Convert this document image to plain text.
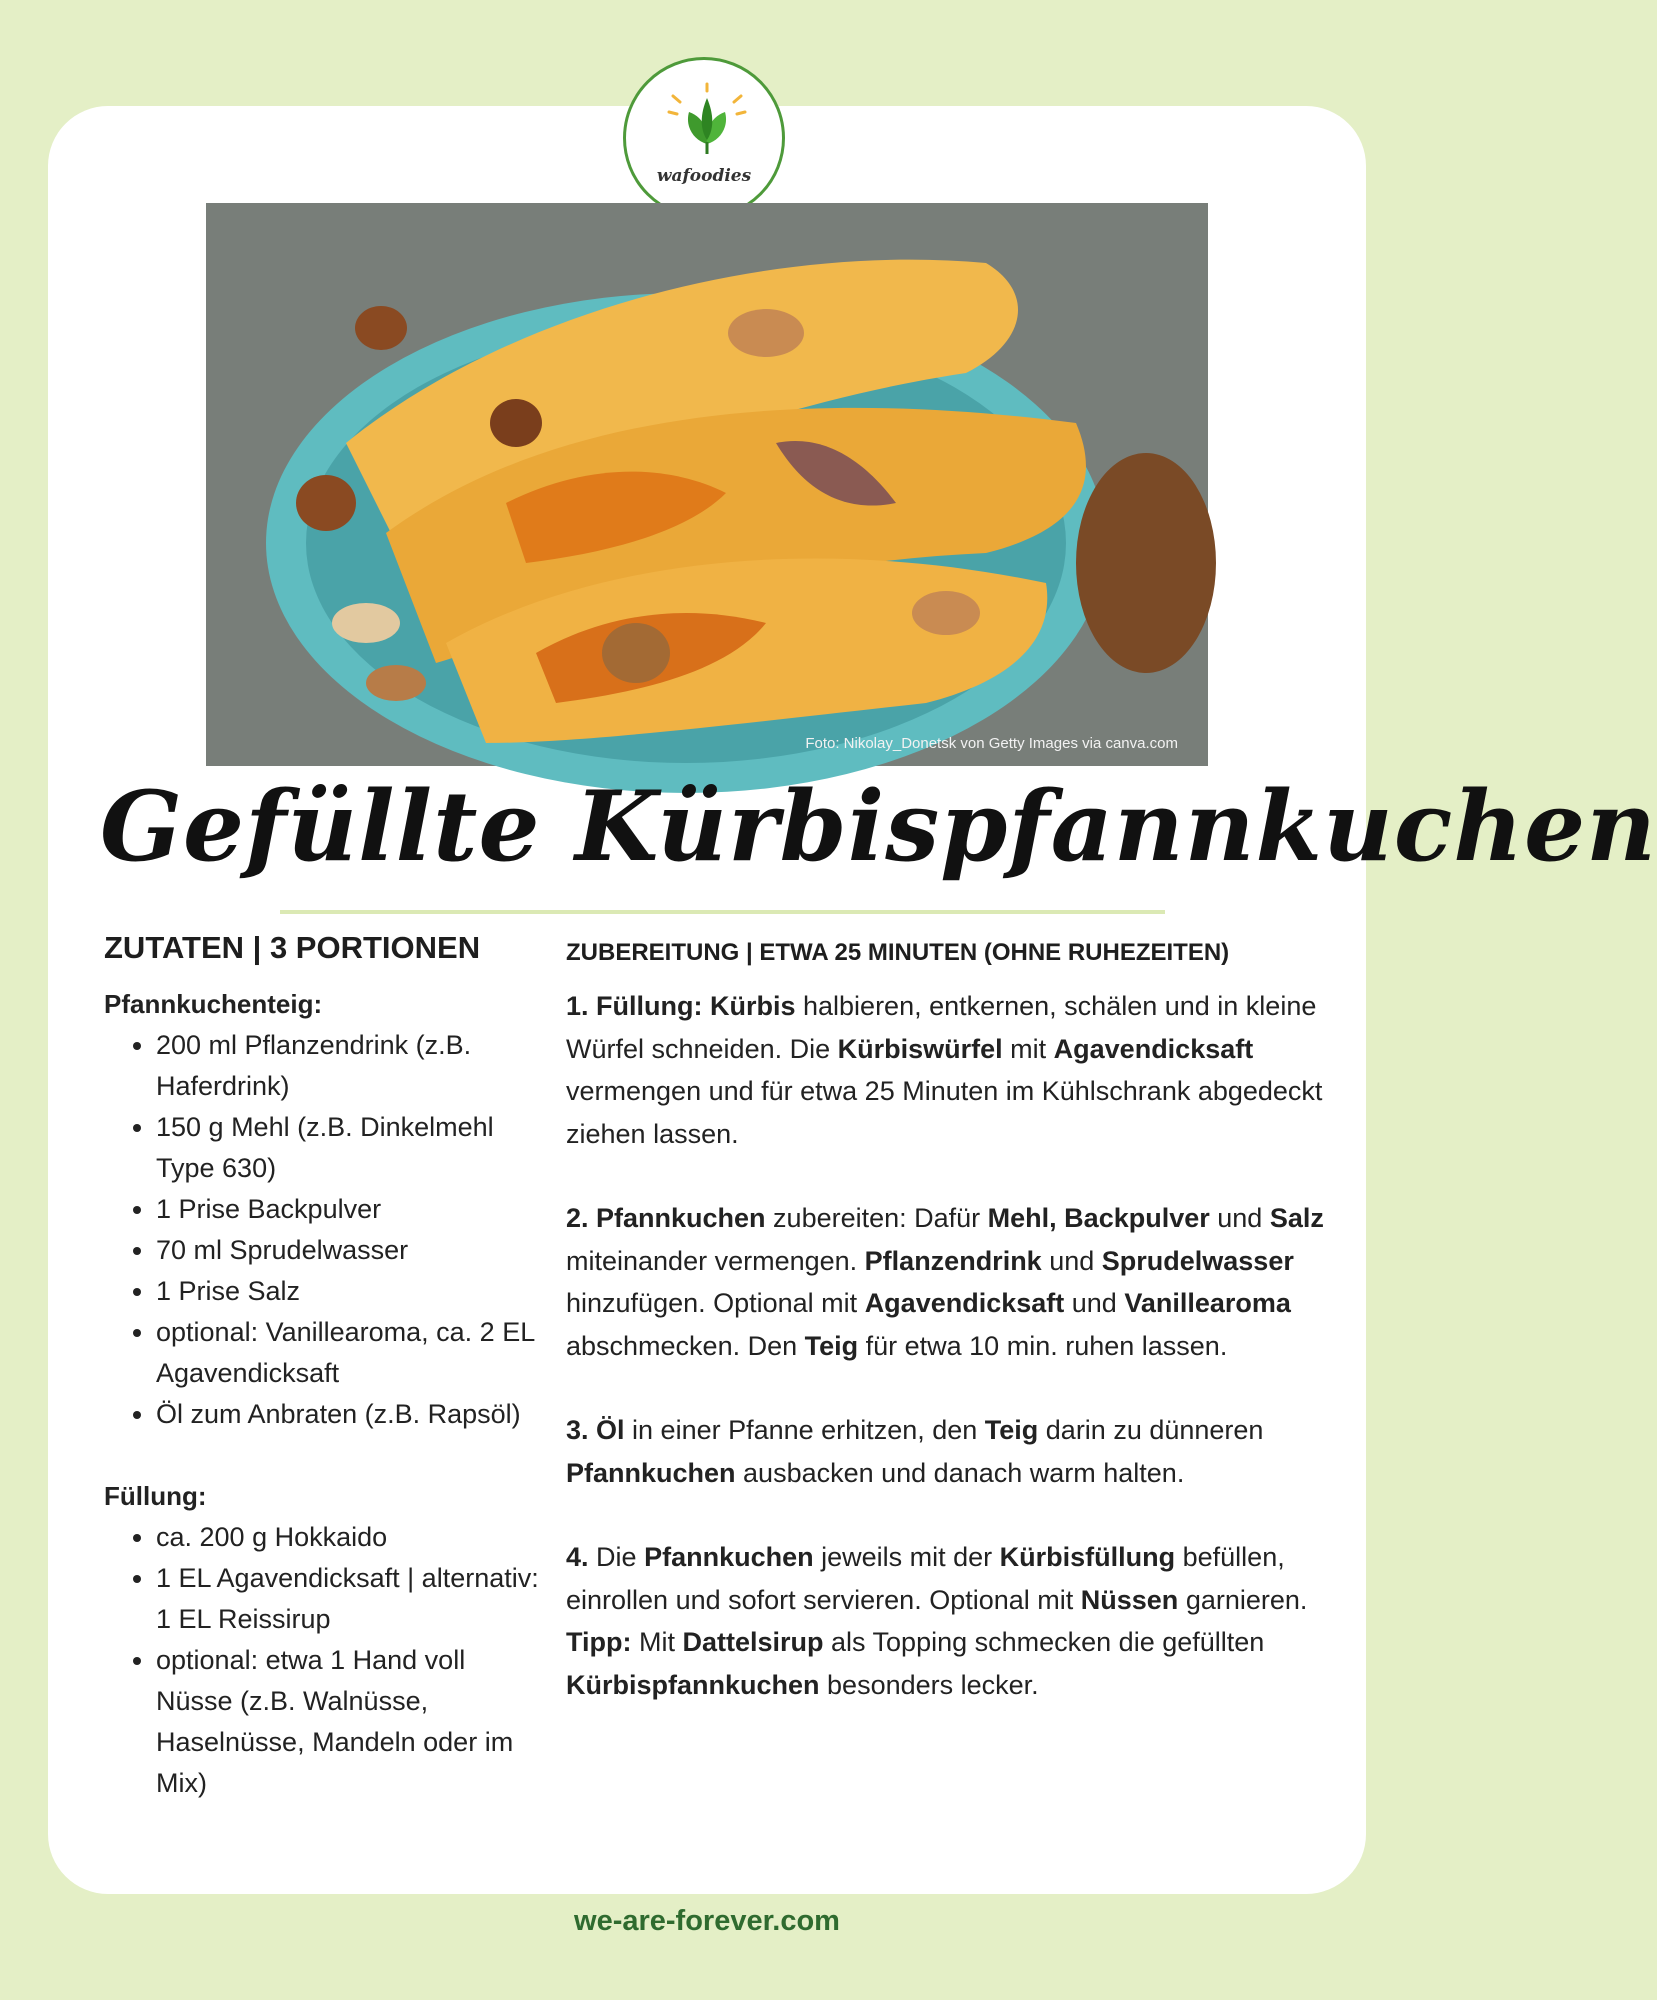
wafoodies
Foto: Nikolay_Donetsk von Getty Images via canva.com
Gefüllte Kürbispfannkuchen
ZUTATEN | 3 PORTIONEN
Pfannkuchenteig:
• 200 ml Pflanzendrink (z.B. Haferdrink)
• 150 g Mehl (z.B. Dinkelmehl Type 630)
• 1 Prise Backpulver
• 70 ml Sprudelwasser
• 1 Prise Salz
• optional: Vanillearoma, ca. 2 EL Agavendicksaft
• Öl zum Anbraten (z.B. Rapsöl)
Füllung:
• ca. 200 g Hokkaido
• 1 EL Agavendicksaft | alternativ: 1 EL Reissirup
• optional: etwa 1 Hand voll Nüsse (z.B. Walnüsse, Haselnüsse, Mandeln oder im Mix)
ZUBEREITUNG | ETWA 25 MINUTEN (OHNE RUHEZEITEN)

1. Füllung: Kürbis halbieren, entkernen, schälen und in kleine Würfel schneiden. Die Kürbiswürfel mit Agavendicksaft vermengen und für etwa 25 Minuten im Kühlschrank abgedeckt ziehen lassen.

2. Pfannkuchen zubereiten: Dafür Mehl, Backpulver und Salz miteinander vermengen. Pflanzendrink und Sprudelwasser hinzufügen. Optional mit Agavendicksaft und Vanillearoma abschmecken. Den Teig für etwa 10 min. ruhen lassen.

3. Öl in einer Pfanne erhitzen, den Teig darin zu dünneren Pfannkuchen ausbacken und danach warm halten.

4. Die Pfannkuchen jeweils mit der Kürbisfüllung befüllen, einrollen und sofort servieren. Optional mit Nüssen garnieren. Tipp: Mit Dattelsirup als Topping schmecken die gefüllten Kürbispfannkuchen besonders lecker.

we-are-forever.com
